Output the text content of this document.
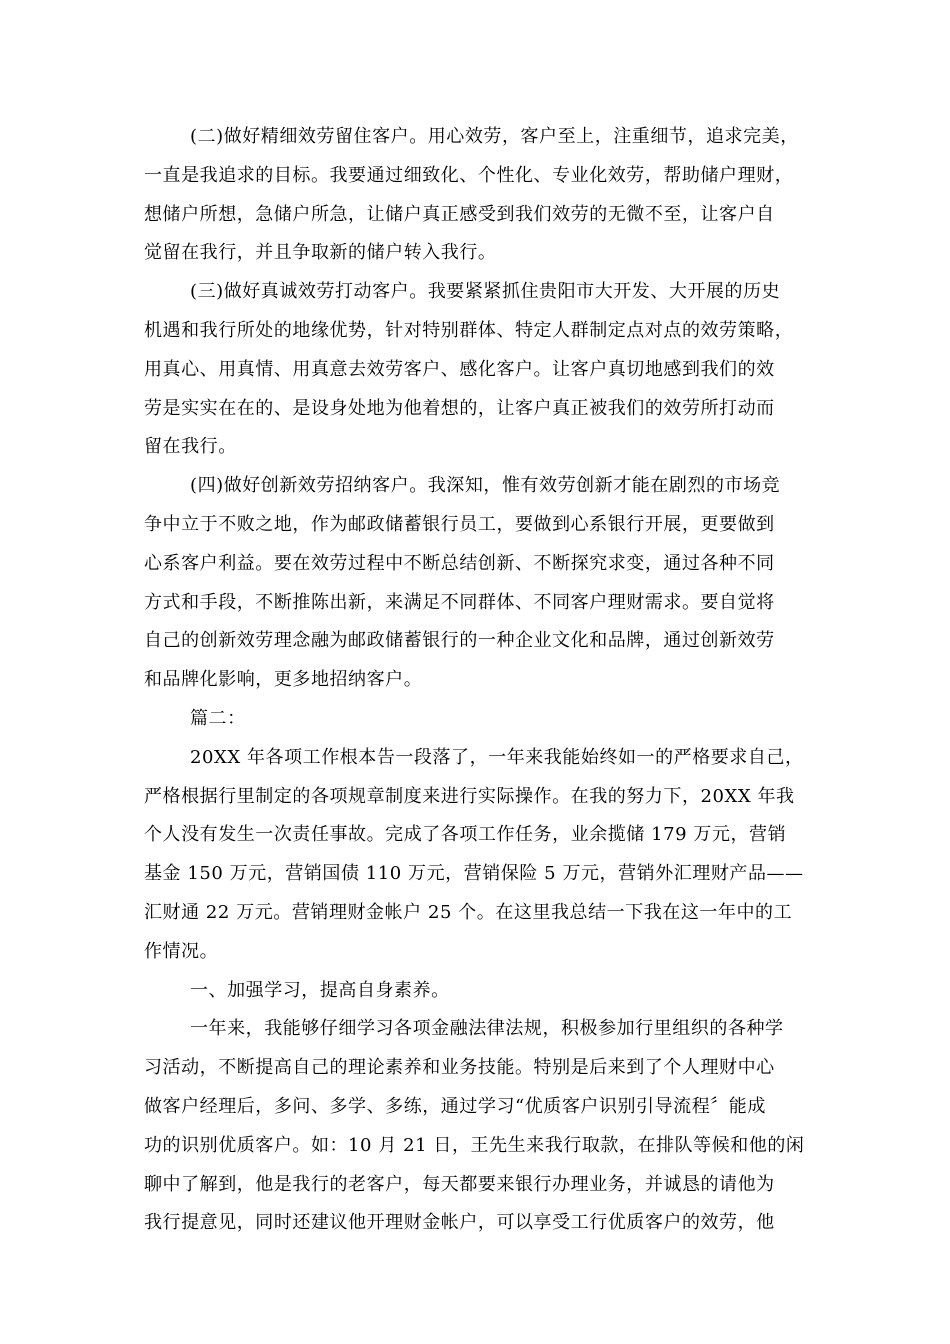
(二)做好精细效劳留住客户。用心效劳，客户至上，注重细节，追求完美，
一直是我追求的目标。我要通过细致化、个性化、专业化效劳，帮助储户理财，
想储户所想，急储户所急，让储户真正感受到我们效劳的无微不至，让客户自
觉留在我行，并且争取新的储户转入我行。
(三)做好真诚效劳打动客户。我要紧紧抓住贵阳市大开发、大开展的历史
机遇和我行所处的地缘优势，针对特别群体、特定人群制定点对点的效劳策略，
用真心、用真情、用真意去效劳客户、感化客户。让客户真切地感到我们的效
劳是实实在在的、是设身处地为他着想的，让客户真正被我们的效劳所打动而
留在我行。
(四)做好创新效劳招纳客户。我深知，惟有效劳创新才能在剧烈的市场竞
争中立于不败之地，作为邮政储蓄银行员工，要做到心系银行开展，更要做到
心系客户利益。要在效劳过程中不断总结创新、不断探究求变，通过各种不同
方式和手段，不断推陈出新，来满足不同群体、不同客户理财需求。要自觉将
自己的创新效劳理念融为邮政储蓄银行的一种企业文化和品牌，通过创新效劳
和品牌化影响，更多地招纳客户。
篇二：
20XX 年各项工作根本告一段落了，一年来我能始终如一的严格要求自己，
严格根据行里制定的各项规章制度来进行实际操作。在我的努力下，20XX 年我
个人没有发生一次责任事故。完成了各项工作任务，业余揽储 179 万元，营销
基金 150 万元，营销国债 110 万元，营销保险 5 万元，营销外汇理财产品——
汇财通 22 万元。营销理财金帐户 25 个。在这里我总结一下我在这一年中的工
作情况。
一、加强学习，提高自身素养。
一年来，我能够仔细学习各项金融法律法规，积极参加行里组织的各种学
习活动，不断提高自己的理论素养和业务技能。特别是后来到了个人理财中心
做客户经理后，多问、多学、多练，通过学习“优质客户识别引导流程〞能成
功的识别优质客户。如：10 月 21 日，王先生来我行取款，在排队等候和他的闲
聊中了解到，他是我行的老客户，每天都要来银行办理业务，并诚恳的请他为
我行提意见，同时还建议他开理财金帐户，可以享受工行优质客户的效劳，他
